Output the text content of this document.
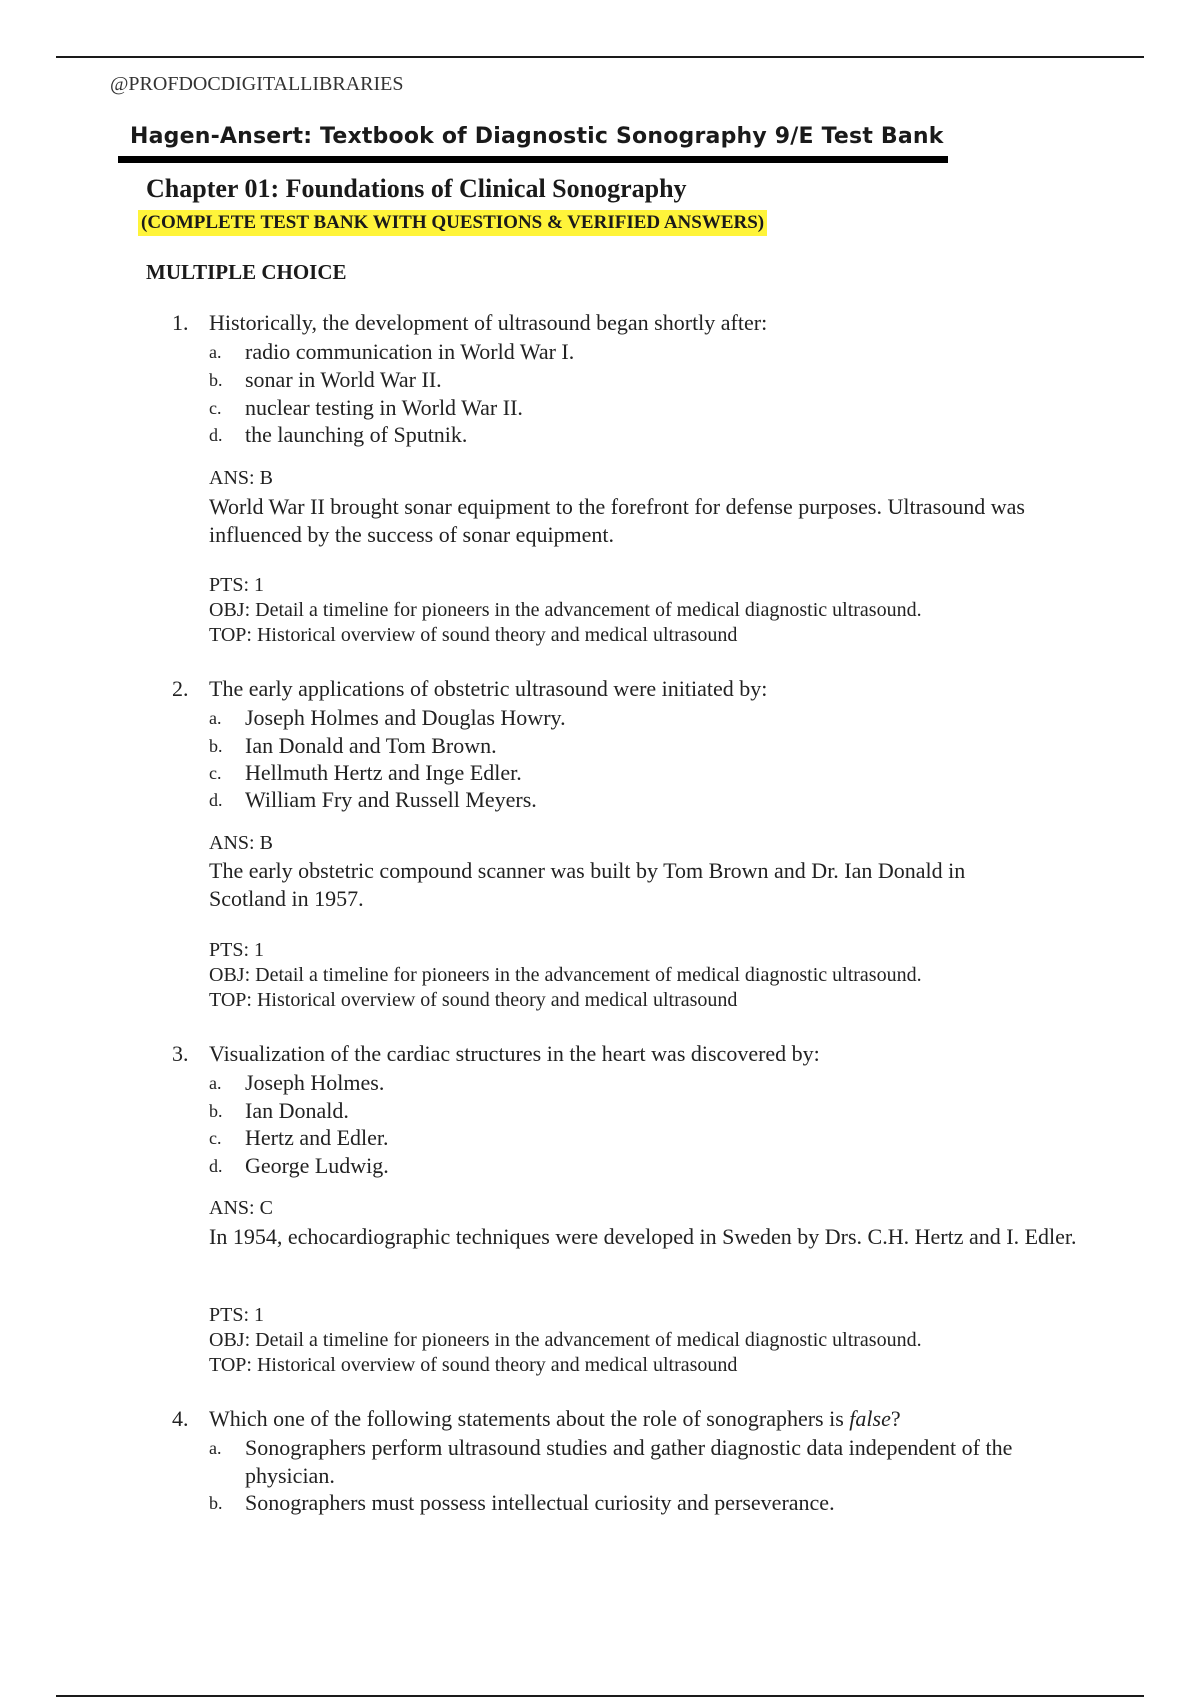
@PROFDOCDIGITALLIBRARIES
Hagen-Ansert: Textbook of Diagnostic Sonography 9/E Test Bank
Chapter 01: Foundations of Clinical Sonography
(COMPLETE TEST BANK WITH QUESTIONS & VERIFIED ANSWERS)
MULTIPLE CHOICE
1. Historically, the development of ultrasound began shortly after:
a. radio communication in World War I.
b. sonar in World War II.
c. nuclear testing in World War II.
d. the launching of Sputnik.
ANS: B
World War II brought sonar equipment to the forefront for defense purposes. Ultrasound was influenced by the success of sonar equipment.
PTS: 1
OBJ: Detail a timeline for pioneers in the advancement of medical diagnostic ultrasound.
TOP: Historical overview of sound theory and medical ultrasound
2. The early applications of obstetric ultrasound were initiated by:
a. Joseph Holmes and Douglas Howry.
b. Ian Donald and Tom Brown.
c. Hellmuth Hertz and Inge Edler.
d. William Fry and Russell Meyers.
ANS: B
The early obstetric compound scanner was built by Tom Brown and Dr. Ian Donald in Scotland in 1957.
PTS: 1
OBJ: Detail a timeline for pioneers in the advancement of medical diagnostic ultrasound.
TOP: Historical overview of sound theory and medical ultrasound
3. Visualization of the cardiac structures in the heart was discovered by:
a. Joseph Holmes.
b. Ian Donald.
c. Hertz and Edler.
d. George Ludwig.
ANS: C
In 1954, echocardiographic techniques were developed in Sweden by Drs. C.H. Hertz and I. Edler.
PTS: 1
OBJ: Detail a timeline for pioneers in the advancement of medical diagnostic ultrasound.
TOP: Historical overview of sound theory and medical ultrasound
4. Which one of the following statements about the role of sonographers is false?
a. Sonographers perform ultrasound studies and gather diagnostic data independent of the physician.
b. Sonographers must possess intellectual curiosity and perseverance.
